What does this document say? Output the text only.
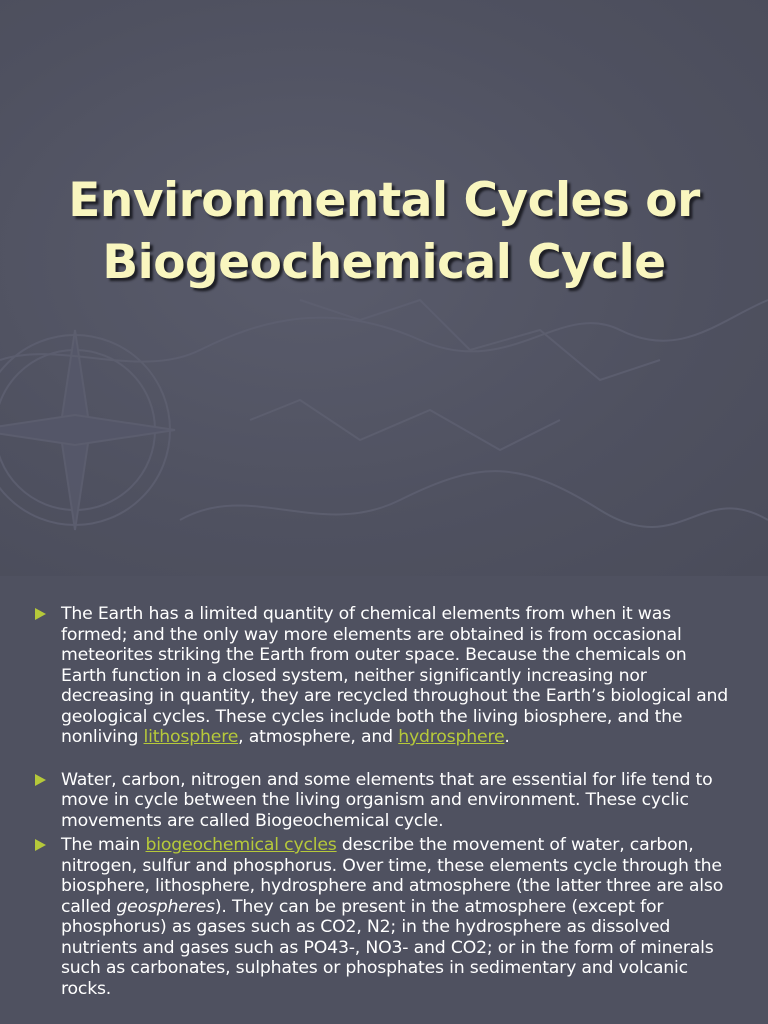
Environmental Cycles or
Biogeochemical Cycle
The Earth has a limited quantity of chemical elements from when it was formed; and the only way more elements are obtained is from occasional meteorites striking the Earth from outer space. Because the chemicals on Earth function in a closed system, neither significantly increasing nor decreasing in quantity, they are recycled throughout the Earth’s biological and geological cycles. These cycles include both the living biosphere, and the nonliving lithosphere, atmosphere, and hydrosphere.
Water, carbon, nitrogen and some elements that are essential for life tend to move in cycle between the living organism and environment. These cyclic movements are called Biogeochemical cycle.
The main biogeochemical cycles describe the movement of water, carbon, nitrogen, sulfur and phosphorus. Over time, these elements cycle through the biosphere, lithosphere, hydrosphere and atmosphere (the latter three are also called geospheres). They can be present in the atmosphere (except for phosphorus) as gases such as CO2, N2; in the hydrosphere as dissolved nutrients and gases such as PO43-, NO3- and CO2; or in the form of minerals such as carbonates, sulphates or phosphates in sedimentary and volcanic rocks.
